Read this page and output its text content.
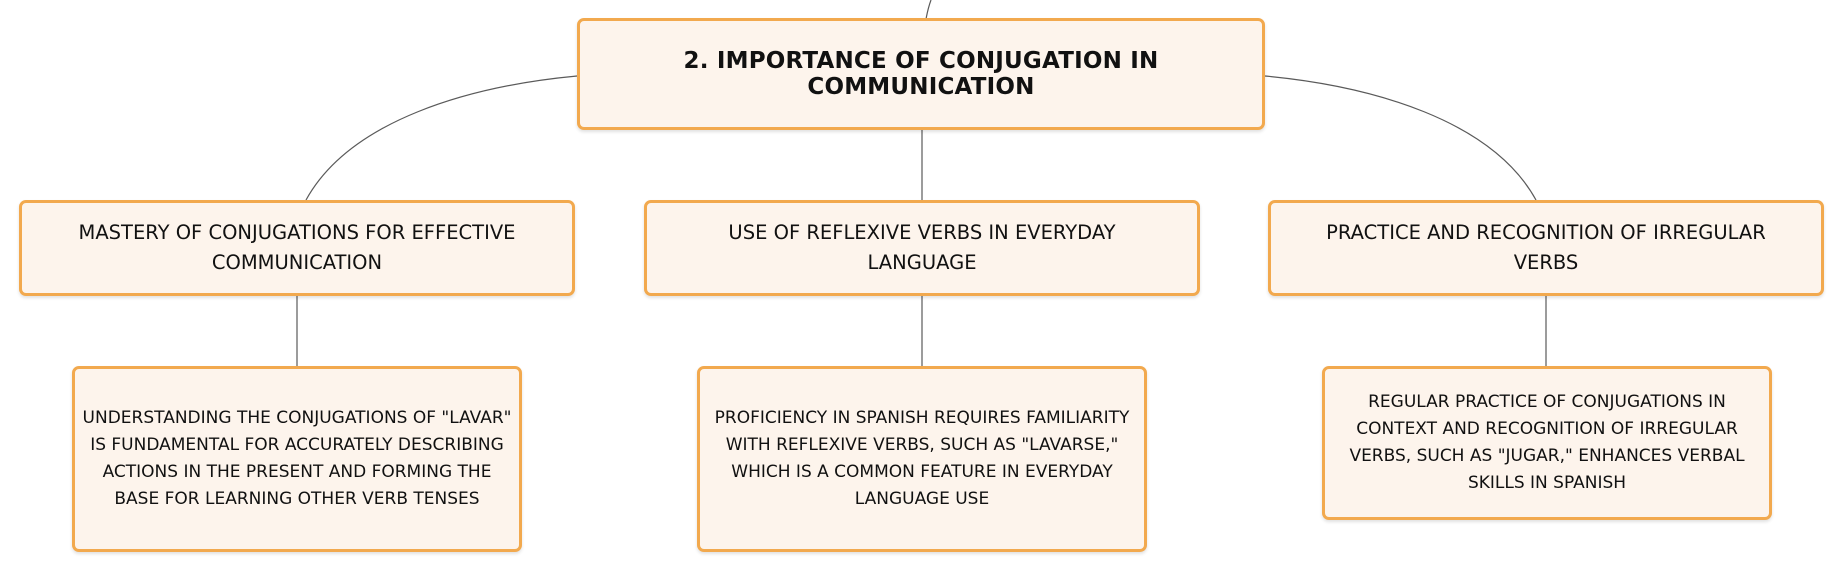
2. IMPORTANCE OF CONJUGATION IN COMMUNICATION
MASTERY OF CONJUGATIONS FOR EFFECTIVE COMMUNICATION
USE OF REFLEXIVE VERBS IN EVERYDAY LANGUAGE
PRACTICE AND RECOGNITION OF IRREGULAR VERBS
UNDERSTANDING THE CONJUGATIONS OF "LAVAR" IS FUNDAMENTAL FOR ACCURATELY DESCRIBING ACTIONS IN THE PRESENT AND FORMING THE BASE FOR LEARNING OTHER VERB TENSES
PROFICIENCY IN SPANISH REQUIRES FAMILIARITY WITH REFLEXIVE VERBS, SUCH AS "LAVARSE," WHICH IS A COMMON FEATURE IN EVERYDAY LANGUAGE USE
REGULAR PRACTICE OF CONJUGATIONS IN CONTEXT AND RECOGNITION OF IRREGULAR VERBS, SUCH AS "JUGAR," ENHANCES VERBAL SKILLS IN SPANISH
